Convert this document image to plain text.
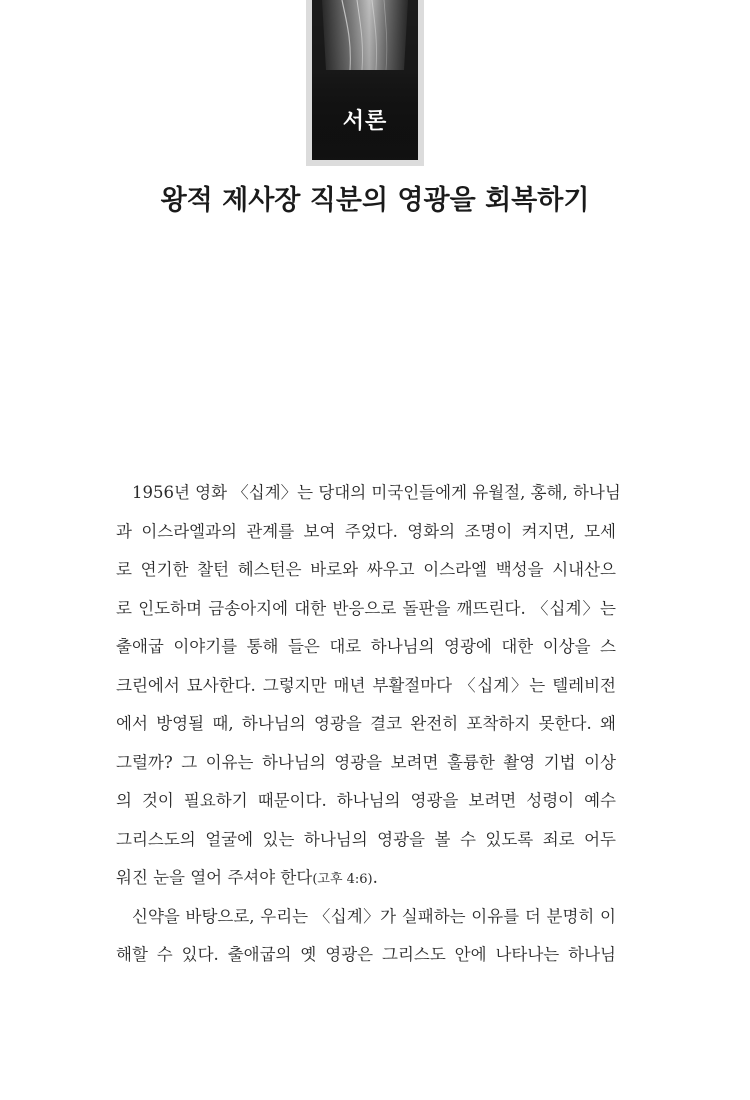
서론
왕적 제사장 직분의 영광을 회복하기
1956년 영화 〈십계〉는 당대의 미국인들에게 유월절, 홍해, 하나님
과 이스라엘과의 관계를 보여 주었다. 영화의 조명이 켜지면, 모세
로 연기한 찰턴 헤스턴은 바로와 싸우고 이스라엘 백성을 시내산으
로 인도하며 금송아지에 대한 반응으로 돌판을 깨뜨린다. 〈십계〉는
출애굽 이야기를 통해 들은 대로 하나님의 영광에 대한 이상을 스
크린에서 묘사한다. 그렇지만 매년 부활절마다 〈십계〉는 텔레비전
에서 방영될 때, 하나님의 영광을 결코 완전히 포착하지 못한다. 왜
그럴까? 그 이유는 하나님의 영광을 보려면 훌륭한 촬영 기법 이상
의 것이 필요하기 때문이다. 하나님의 영광을 보려면 성령이 예수
그리스도의 얼굴에 있는 하나님의 영광을 볼 수 있도록 죄로 어두
워진 눈을 열어 주셔야 한다(고후 4:6).
신약을 바탕으로, 우리는 〈십계〉가 실패하는 이유를 더 분명히 이
해할 수 있다. 출애굽의 옛 영광은 그리스도 안에 나타나는 하나님
